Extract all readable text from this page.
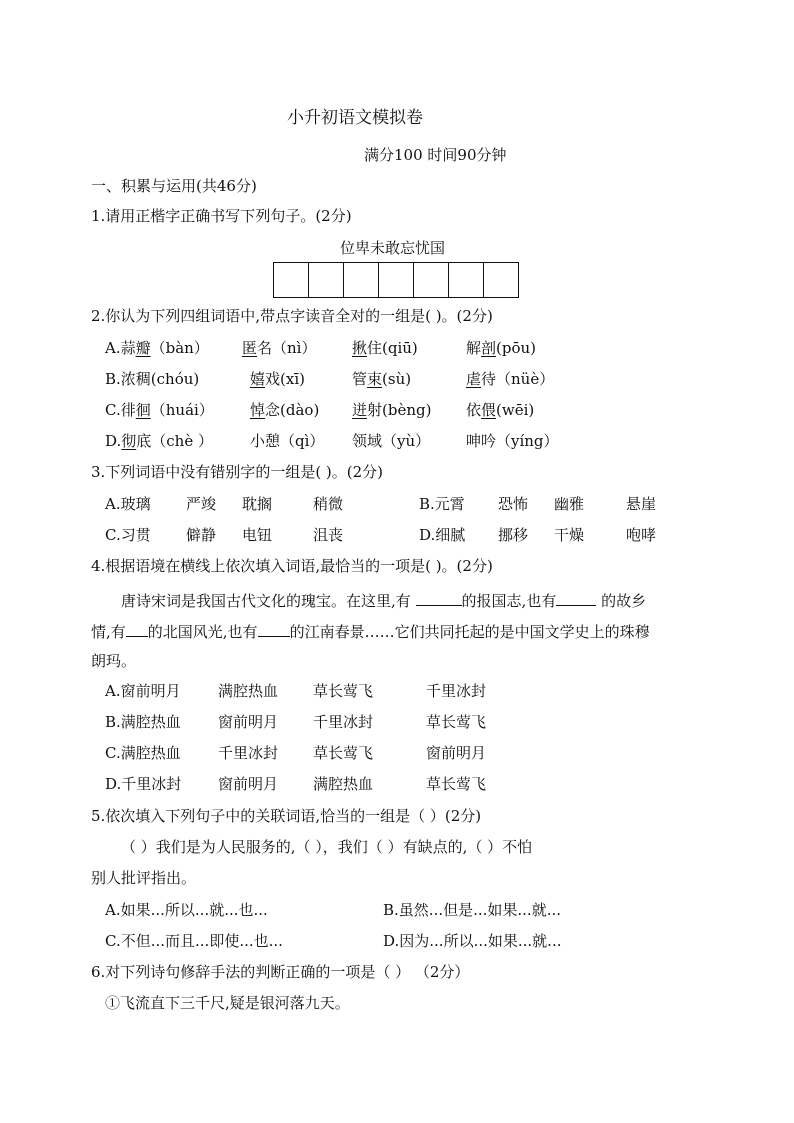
小升初语文模拟卷
满分100 时间90分钟
一、积累与运用(共46分)
1.请用正楷字正确书写下列句子。(2分)
位卑未敢忘忧国
2.你认为下列四组词语中,带点字读音全对的一组是( )。(2分)
A.蒜瓣（bàn） 匿名（nì） 揪住(qiū)	解剖(pōu)
B.浓稠(chóu)	嬉戏(xī)	管束(sù)	虐待（nüè）
C.徘徊（huái） 悼念(dào) 迸射(bèng) 依偎(wēi)
D.彻底（chè ） 小憩（qì） 领域（yù） 呻吟（yíng）
3.下列词语中没有错别字的一组是( )。(2分)
A.玻璃 严竣 耽搁	稍微	B.元霄 恐怖 幽雅	悬崖
C.习贯 僻静 电钮	沮丧	D.细腻 挪移 干燥	咆哮
4.根据语境在横线上依次填入词语,最恰当的一项是( )。(2分)
唐诗宋词是我国古代文化的瑰宝。在这里,有	的报国志,也有	的故乡
情,有 的北国风光,也有 的江南春景……它们共同托起的是中国文学史上的珠穆
朗玛。
A.窗前明月 满腔热血 草长莺飞	千里冰封
B.满腔热血 窗前明月 千里冰封	草长莺飞
C.满腔热血 千里冰封 草长莺飞	窗前明月
D.千里冰封 窗前明月 满腔热血	草长莺飞
5.依次填入下列句子中的关联词语,恰当的一组是（ ）(2分)
（ ）我们是为人民服务的,（ ），我们（ ）有缺点的,（ ）不怕
别人批评指出。
A.如果...所以...就...也...	B.虽然...但是...如果...就...
C.不但...而且...即使...也...	D.因为...所以...如果...就...
6.对下列诗句修辞手法的判断正确的一项是（ ） （2分）
①飞流直下三千尺,疑是银河落九天。
